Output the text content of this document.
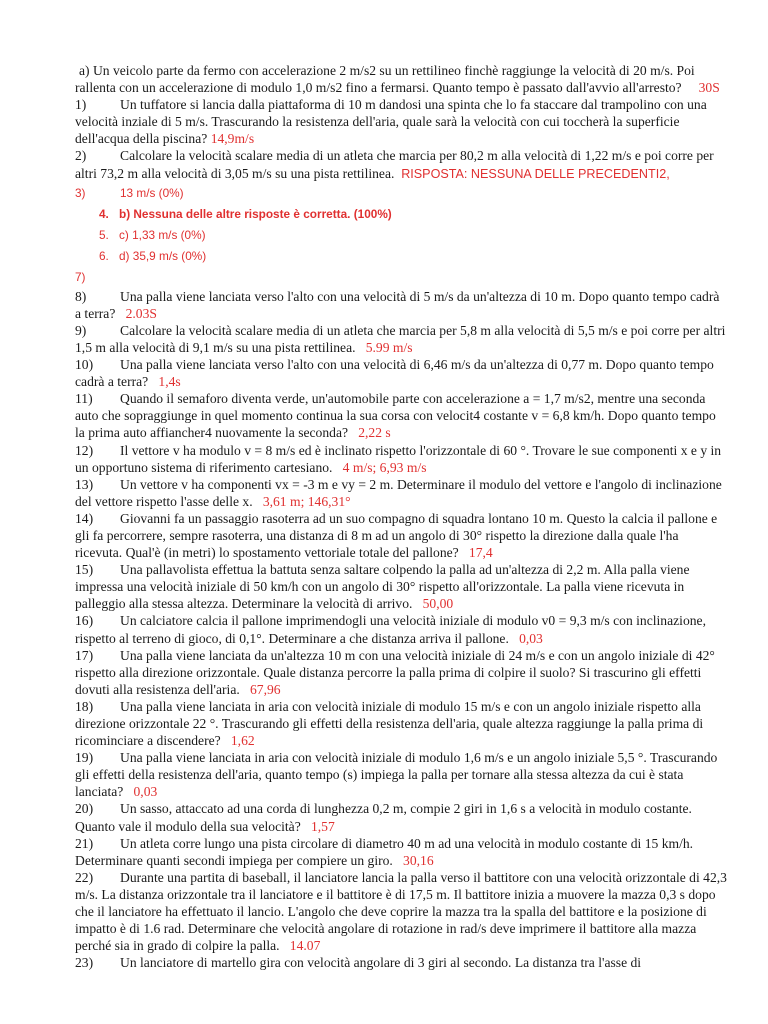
a) Un veicolo parte da fermo con accelerazione 2 m/s2 su un rettilineo finchè raggiunge la velocità di 20 m/s. Poi rallenta con un accelerazione di modulo 1,0 m/s2 fino a fermarsi. Quanto tempo è passato dall'avvio all'arresto? 30S

1) Un tuffatore si lancia dalla piattaforma di 10 m dandosi una spinta che lo fa staccare dal trampolino con una velocità inziale di 5 m/s. Trascurando la resistenza dell'aria, quale sarà la velocità con cui toccherà la superficie dell'acqua della piscina? 14,9m/s

2) Calcolare la velocità scalare media di un atleta che marcia per 80,2 m alla velocità di 1,22 m/s e poi corre per altri 73,2 m alla velocità di 3,05 m/s su una pista rettilinea. RISPOSTA: NESSUNA DELLE PRECEDENTI2,

3)	13 m/s (0%)
4. b) Nessuna delle altre risposte è corretta. (100%)
5. c) 1,33 m/s (0%)
6. d) 35,9 m/s (0%)
7)

8) Una palla viene lanciata verso l'alto con una velocità di 5 m/s da un'altezza di 10 m. Dopo quanto tempo cadrà a terra? 2.03S

9) Calcolare la velocità scalare media di un atleta che marcia per 5,8 m alla velocità di 5,5 m/s e poi corre per altri 1,5 m alla velocità di 9,1 m/s su una pista rettilinea. 5.99 m/s

10) Una palla viene lanciata verso l'alto con una velocità di 6,46 m/s da un'altezza di 0,77 m. Dopo quanto tempo cadrà a terra? 1,4s

11) Quando il semaforo diventa verde, un'automobile parte con accelerazione a = 1,7 m/s2, mentre una seconda auto che sopraggiunge in quel momento continua la sua corsa con velocit4 costante v = 6,8 km/h. Dopo quanto tempo la prima auto affiancher4 nuovamente la seconda? 2,22 s

12) Il vettore v ha modulo v = 8 m/s ed è inclinato rispetto l'orizzontale di 60 °. Trovare le sue componenti x e y in un opportuno sistema di riferimento cartesiano. 4 m/s; 6,93 m/s

13) Un vettore v ha componenti vx = -3 m e vy = 2 m. Determinare il modulo del vettore e l'angolo di inclinazione del vettore rispetto l'asse delle x. 3,61 m; 146,31°

14) Giovanni fa un passaggio rasoterra ad un suo compagno di squadra lontano 10 m. Questo la calcia il pallone e gli fa percorrere, sempre rasoterra, una distanza di 8 m ad un angolo di 30° rispetto la direzione dalla quale l'ha ricevuta. Qual'è (in metri) lo spostamento vettoriale totale del pallone? 17,4

15) Una pallavolista effettua la battuta senza saltare colpendo la palla ad un'altezza di 2,2 m. Alla palla viene impressa una velocità iniziale di 50 km/h con un angolo di 30° rispetto all'orizzontale. La palla viene ricevuta in palleggio alla stessa altezza. Determinare la velocità di arrivo. 50,00

16) Un calciatore calcia il pallone imprimendogli una velocità iniziale di modulo v0 = 9,3 m/s con inclinazione, rispetto al terreno di gioco, di 0,1°. Determinare a che distanza arriva il pallone. 0,03

17) Una palla viene lanciata da un'altezza 10 m con una velocità iniziale di 24 m/s e con un angolo iniziale di 42° rispetto alla direzione orizzontale. Quale distanza percorre la palla prima di colpire il suolo? Si trascurino gli effetti dovuti alla resistenza dell'aria. 67,96

18) Una palla viene lanciata in aria con velocità iniziale di modulo 15 m/s e con un angolo iniziale rispetto alla direzione orizzontale 22 °. Trascurando gli effetti della resistenza dell'aria, quale altezza raggiunge la palla prima di ricominciare a discendere? 1,62

19) Una palla viene lanciata in aria con velocità iniziale di modulo 1,6 m/s e un angolo iniziale 5,5 °. Trascurando gli effetti della resistenza dell'aria, quanto tempo (s) impiega la palla per tornare alla stessa altezza da cui è stata lanciata? 0,03

20) Un sasso, attaccato ad una corda di lunghezza 0,2 m, compie 2 giri in 1,6 s a velocità in modulo costante. Quanto vale il modulo della sua velocità? 1,57

21) Un atleta corre lungo una pista circolare di diametro 40 m ad una velocità in modulo costante di 15 km/h. Determinare quanti secondi impiega per compiere un giro. 30,16

22) Durante una partita di baseball, il lanciatore lancia la palla verso il battitore con una velocità orizzontale di 42,3 m/s. La distanza orizzontale tra il lanciatore e il battitore è di 17,5 m. Il battitore inizia a muovere la mazza 0,3 s dopo che il lanciatore ha effettuato il lancio. L'angolo che deve coprire la mazza tra la spalla del battitore e la posizione di impatto è di 1.6 rad. Determinare che velocità angolare di rotazione in rad/s deve imprimere il battitore alla mazza perché sia in grado di colpire la palla. 14.07

23) Un lanciatore di martello gira con velocità angolare di 3 giri al secondo. La distanza tra l'asse di
